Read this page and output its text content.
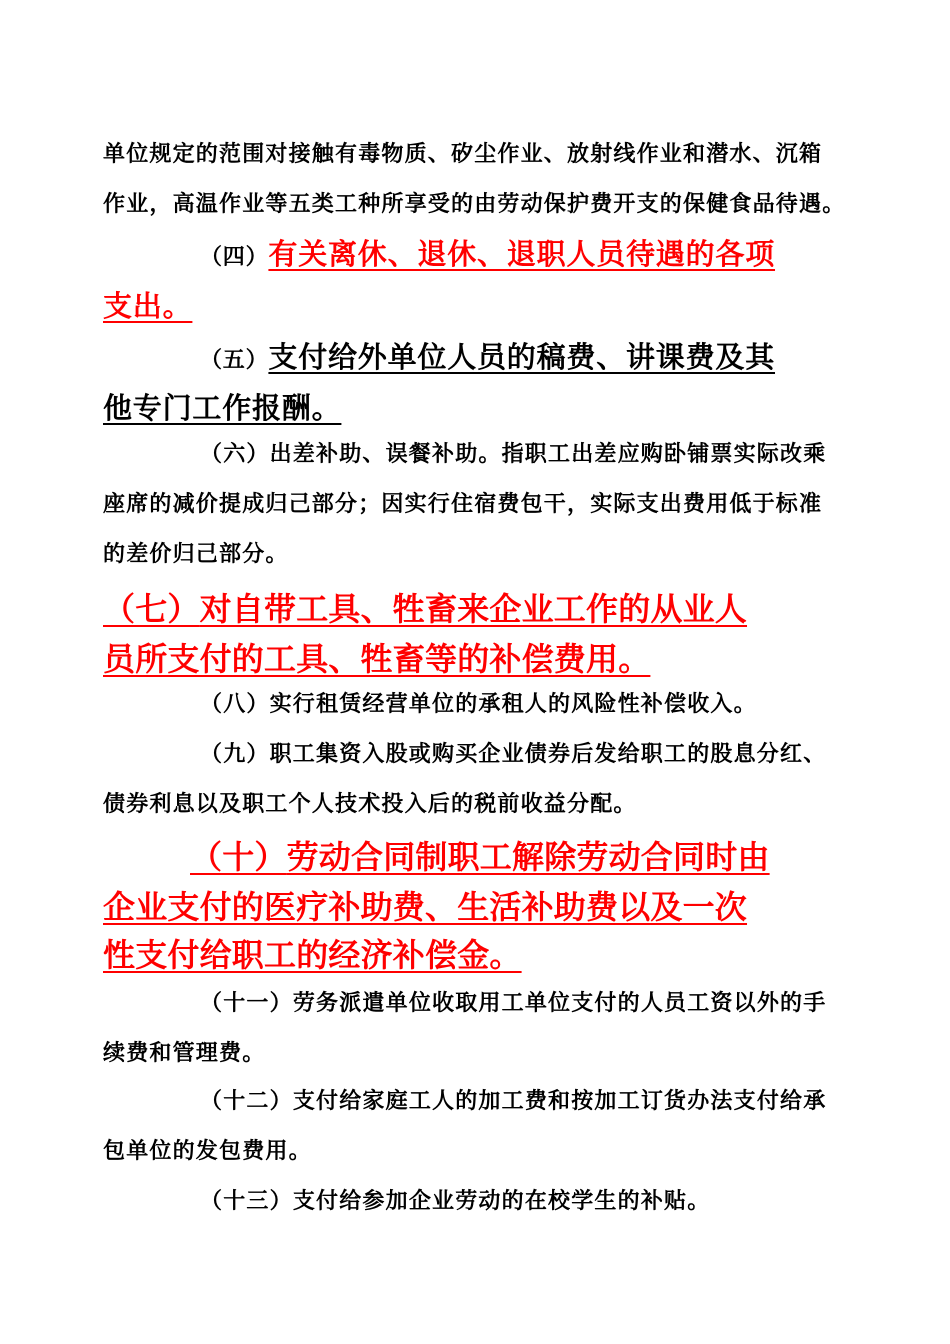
单位规定的范围对接触有毒物质、矽尘作业、放射线作业和潜水、沉箱

作业，高温作业等五类工种所享受的由劳动保护费开支的保健食品待遇。

（四）有关离休、退休、退职人员待遇的各项

支出。

（五）支付给外单位人员的稿费、讲课费及其

他专门工作报酬。

（六）出差补助、误餐补助。指职工出差应购卧铺票实际改乘

座席的减价提成归己部分；因实行住宿费包干，实际支出费用低于标准

的差价归己部分。

（七）对自带工具、牲畜来企业工作的从业人

员所支付的工具、牲畜等的补偿费用。

（八）实行租赁经营单位的承租人的风险性补偿收入。

（九）职工集资入股或购买企业债券后发给职工的股息分红、

债券利息以及职工个人技术投入后的税前收益分配。

（十）劳动合同制职工解除劳动合同时由

企业支付的医疗补助费、生活补助费以及一次

性支付给职工的经济补偿金。

（十一）劳务派遣单位收取用工单位支付的人员工资以外的手

续费和管理费。

（十二）支付给家庭工人的加工费和按加工订货办法支付给承

包单位的发包费用。

（十三）支付给参加企业劳动的在校学生的补贴。
